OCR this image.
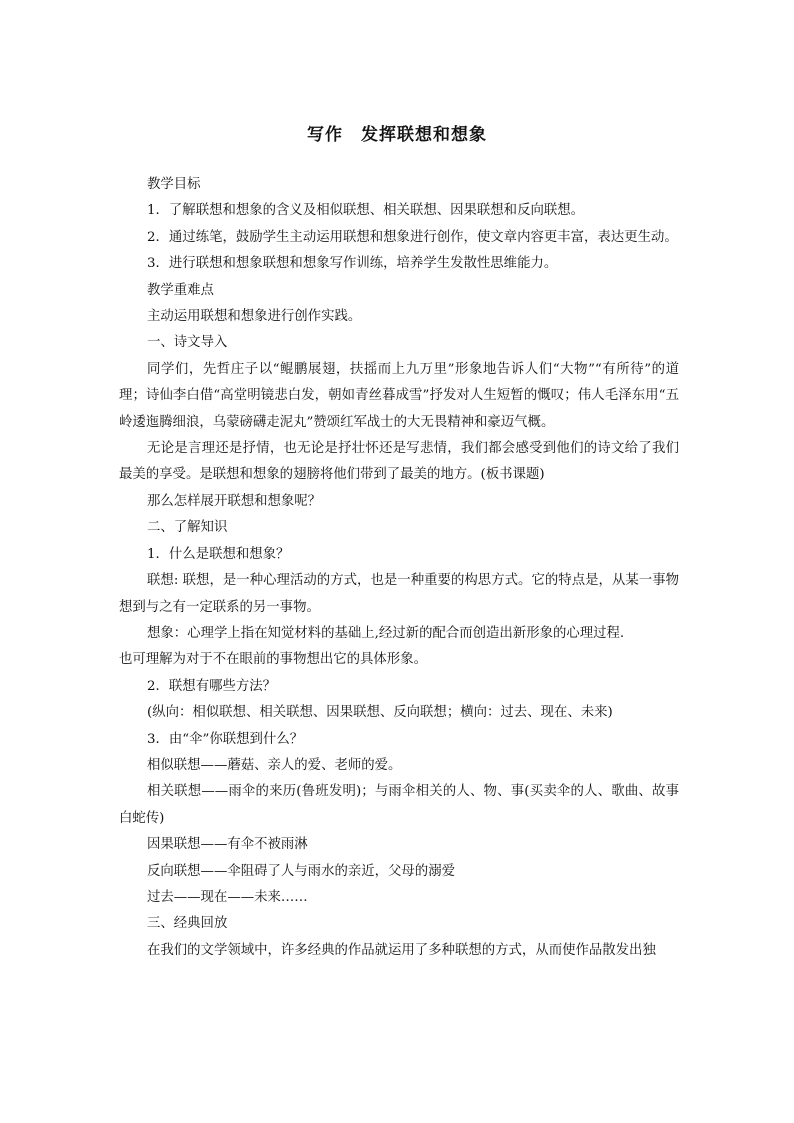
写作　发挥联想和想象

教学目标

1．了解联想和想象的含义及相似联想、相关联想、因果联想和反向联想。

2．通过练笔，鼓励学生主动运用联想和想象进行创作，使文章内容更丰富，表达更生动。

3．进行联想和想象联想和想象写作训练，培养学生发散性思维能力。

教学重难点

主动运用联想和想象进行创作实践。

一、诗文导入

同学们，先哲庄子以“鲲鹏展翅，扶摇而上九万里”形象地告诉人们“大物”“有所待”的道理；诗仙李白借“高堂明镜悲白发，朝如青丝暮成雪”抒发对人生短暂的慨叹；伟人毛泽东用“五岭逶迤腾细浪，乌蒙磅礴走泥丸”赞颂红军战士的大无畏精神和豪迈气概。

无论是言理还是抒情，也无论是抒壮怀还是写悲情，我们都会感受到他们的诗文给了我们最美的享受。是联想和想象的翅膀将他们带到了最美的地方。(板书课题)

那么怎样展开联想和想象呢？

二、了解知识

1．什么是联想和想象？

联想: 联想，是一种心理活动的方式，也是一种重要的构思方式。它的特点是，从某一事物想到与之有一定联系的另一事物。

想象：心理学上指在知觉材料的基础上,经过新的配合而创造出新形象的心理过程.

也可理解为对于不在眼前的事物想出它的具体形象。

2．联想有哪些方法？

(纵向：相似联想、相关联想、因果联想、反向联想；横向：过去、现在、未来)

3．由“伞”你联想到什么？

相似联想——蘑菇、亲人的爱、老师的爱。

相关联想——雨伞的来历(鲁班发明)；与雨伞相关的人、物、事(买卖伞的人、歌曲、故事白蛇传)

因果联想——有伞不被雨淋

反向联想——伞阻碍了人与雨水的亲近，父母的溺爱

过去——现在——未来……

三、经典回放

在我们的文学领域中，许多经典的作品就运用了多种联想的方式，从而使作品散发出独
